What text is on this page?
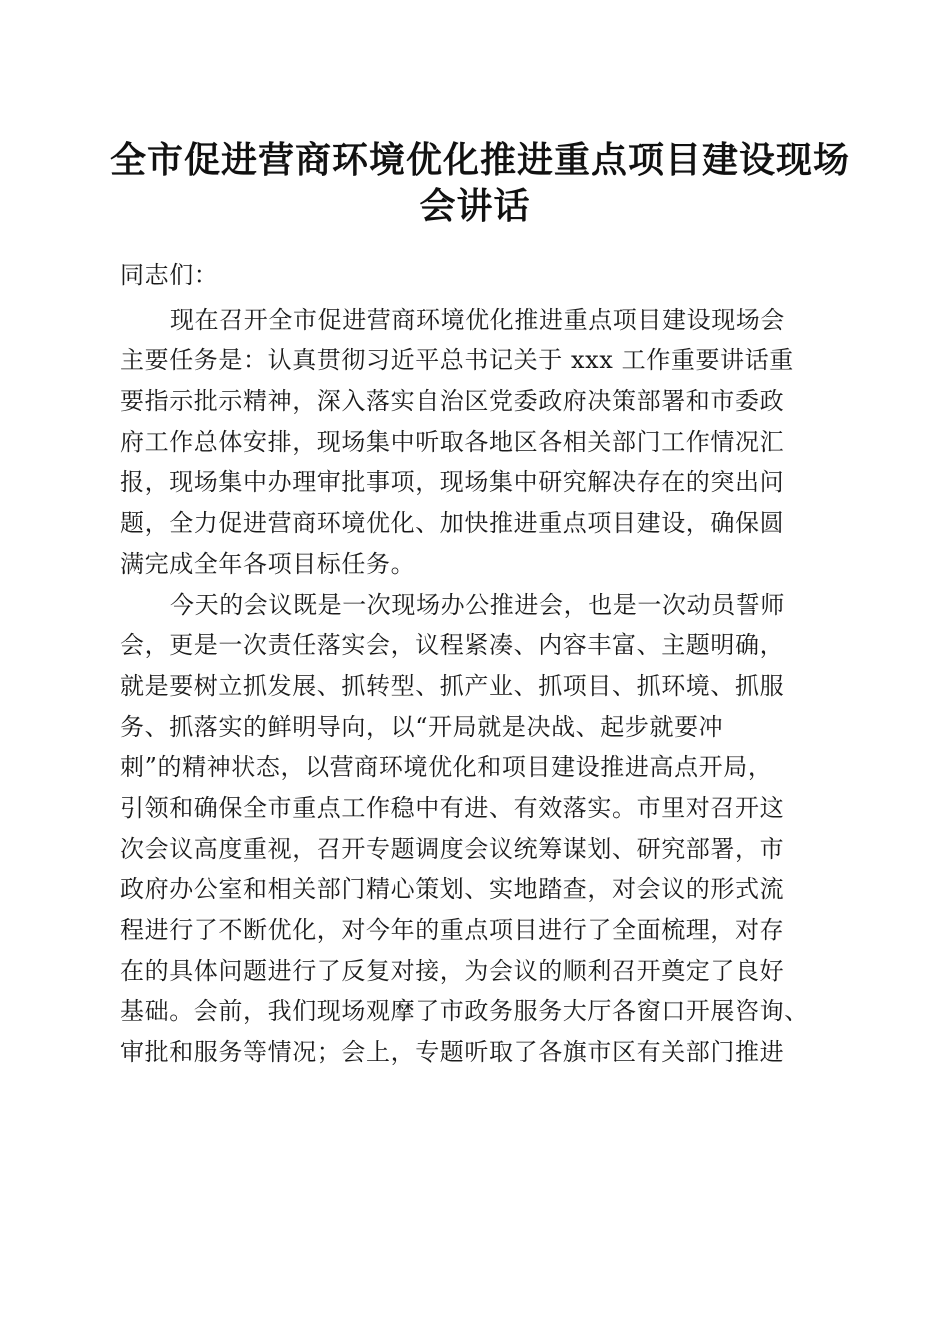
全市促进营商环境优化推进重点项目建设现场
会讲话
同志们：
现在召开全市促进营商环境优化推进重点项目建设现场会
主要任务是：认真贯彻习近平总书记关于 xxx 工作重要讲话重
要指示批示精神，深入落实自治区党委政府决策部署和市委政
府工作总体安排，现场集中听取各地区各相关部门工作情况汇
报，现场集中办理审批事项，现场集中研究解决存在的突出问
题，全力促进营商环境优化、加快推进重点项目建设，确保圆
满完成全年各项目标任务。
今天的会议既是一次现场办公推进会，也是一次动员誓师
会，更是一次责任落实会，议程紧凑、内容丰富、主题明确，
就是要树立抓发展、抓转型、抓产业、抓项目、抓环境、抓服
务、抓落实的鲜明导向，以“开局就是决战、起步就要冲
刺”的精神状态，以营商环境优化和项目建设推进高点开局，
引领和确保全市重点工作稳中有进、有效落实。市里对召开这
次会议高度重视，召开专题调度会议统筹谋划、研究部署，市
政府办公室和相关部门精心策划、实地踏查，对会议的形式流
程进行了不断优化，对今年的重点项目进行了全面梳理，对存
在的具体问题进行了反复对接，为会议的顺利召开奠定了良好
基础。会前，我们现场观摩了市政务服务大厅各窗口开展咨询、
审批和服务等情况；会上，专题听取了各旗市区有关部门推进
